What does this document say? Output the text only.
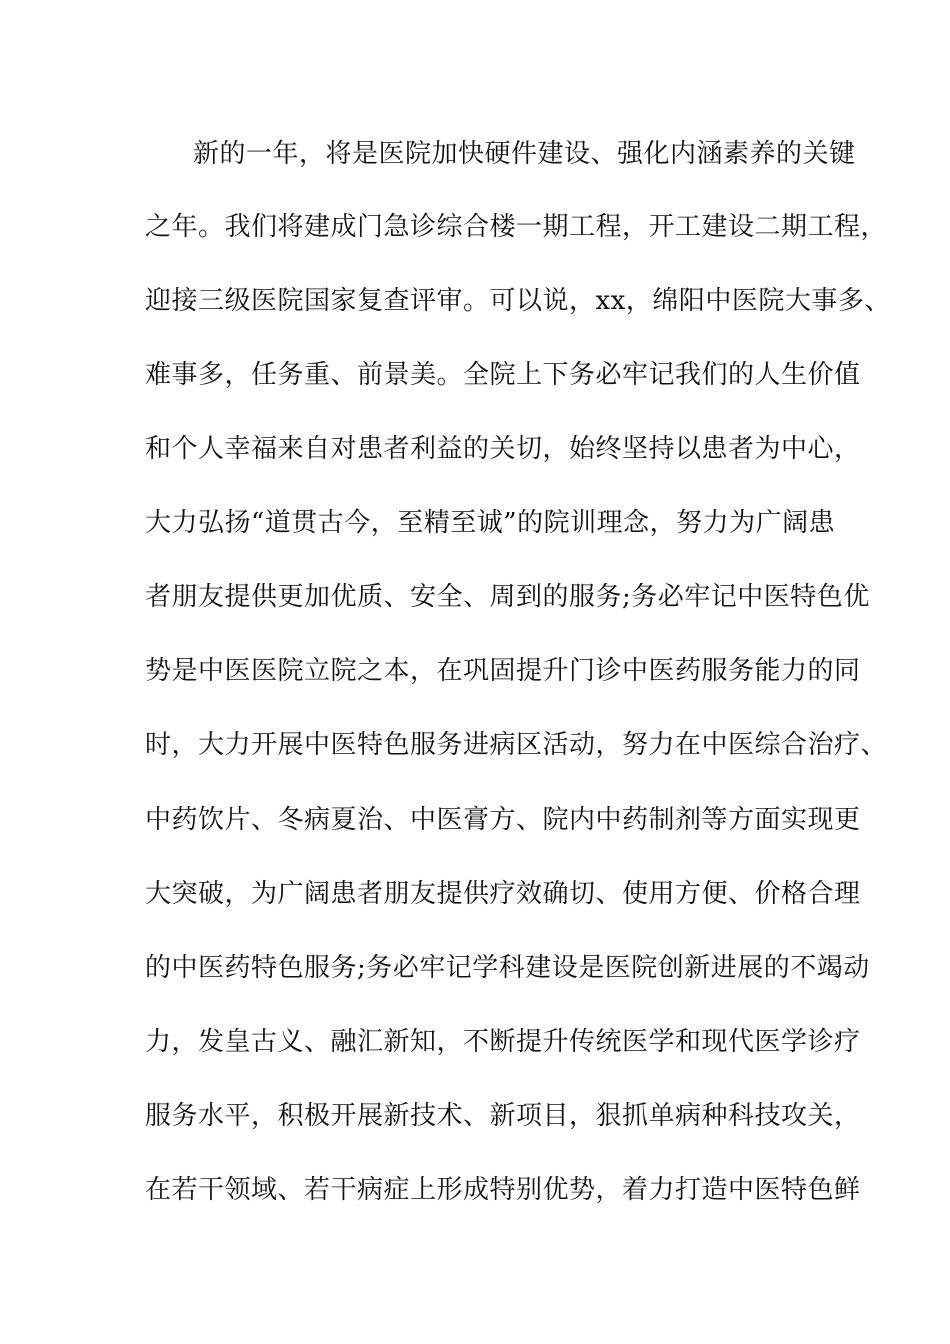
新的一年，将是医院加快硬件建设、强化内涵素养的关键
之年。我们将建成门急诊综合楼一期工程，开工建设二期工程，
迎接三级医院国家复查评审。可以说，xx，绵阳中医院大事多、
难事多，任务重、前景美。全院上下务必牢记我们的人生价值
和个人幸福来自对患者利益的关切，始终坚持以患者为中心，
大力弘扬“道贯古今，至精至诚”的院训理念，努力为广阔患
者朋友提供更加优质、安全、周到的服务;务必牢记中医特色优
势是中医医院立院之本，在巩固提升门诊中医药服务能力的同
时，大力开展中医特色服务进病区活动，努力在中医综合治疗、
中药饮片、冬病夏治、中医膏方、院内中药制剂等方面实现更
大突破，为广阔患者朋友提供疗效确切、使用方便、价格合理
的中医药特色服务;务必牢记学科建设是医院创新进展的不竭动
力，发皇古义、融汇新知，不断提升传统医学和现代医学诊疗
服务水平，积极开展新技术、新项目，狠抓单病种科技攻关，
在若干领域、若干病症上形成特别优势，着力打造中医特色鲜
